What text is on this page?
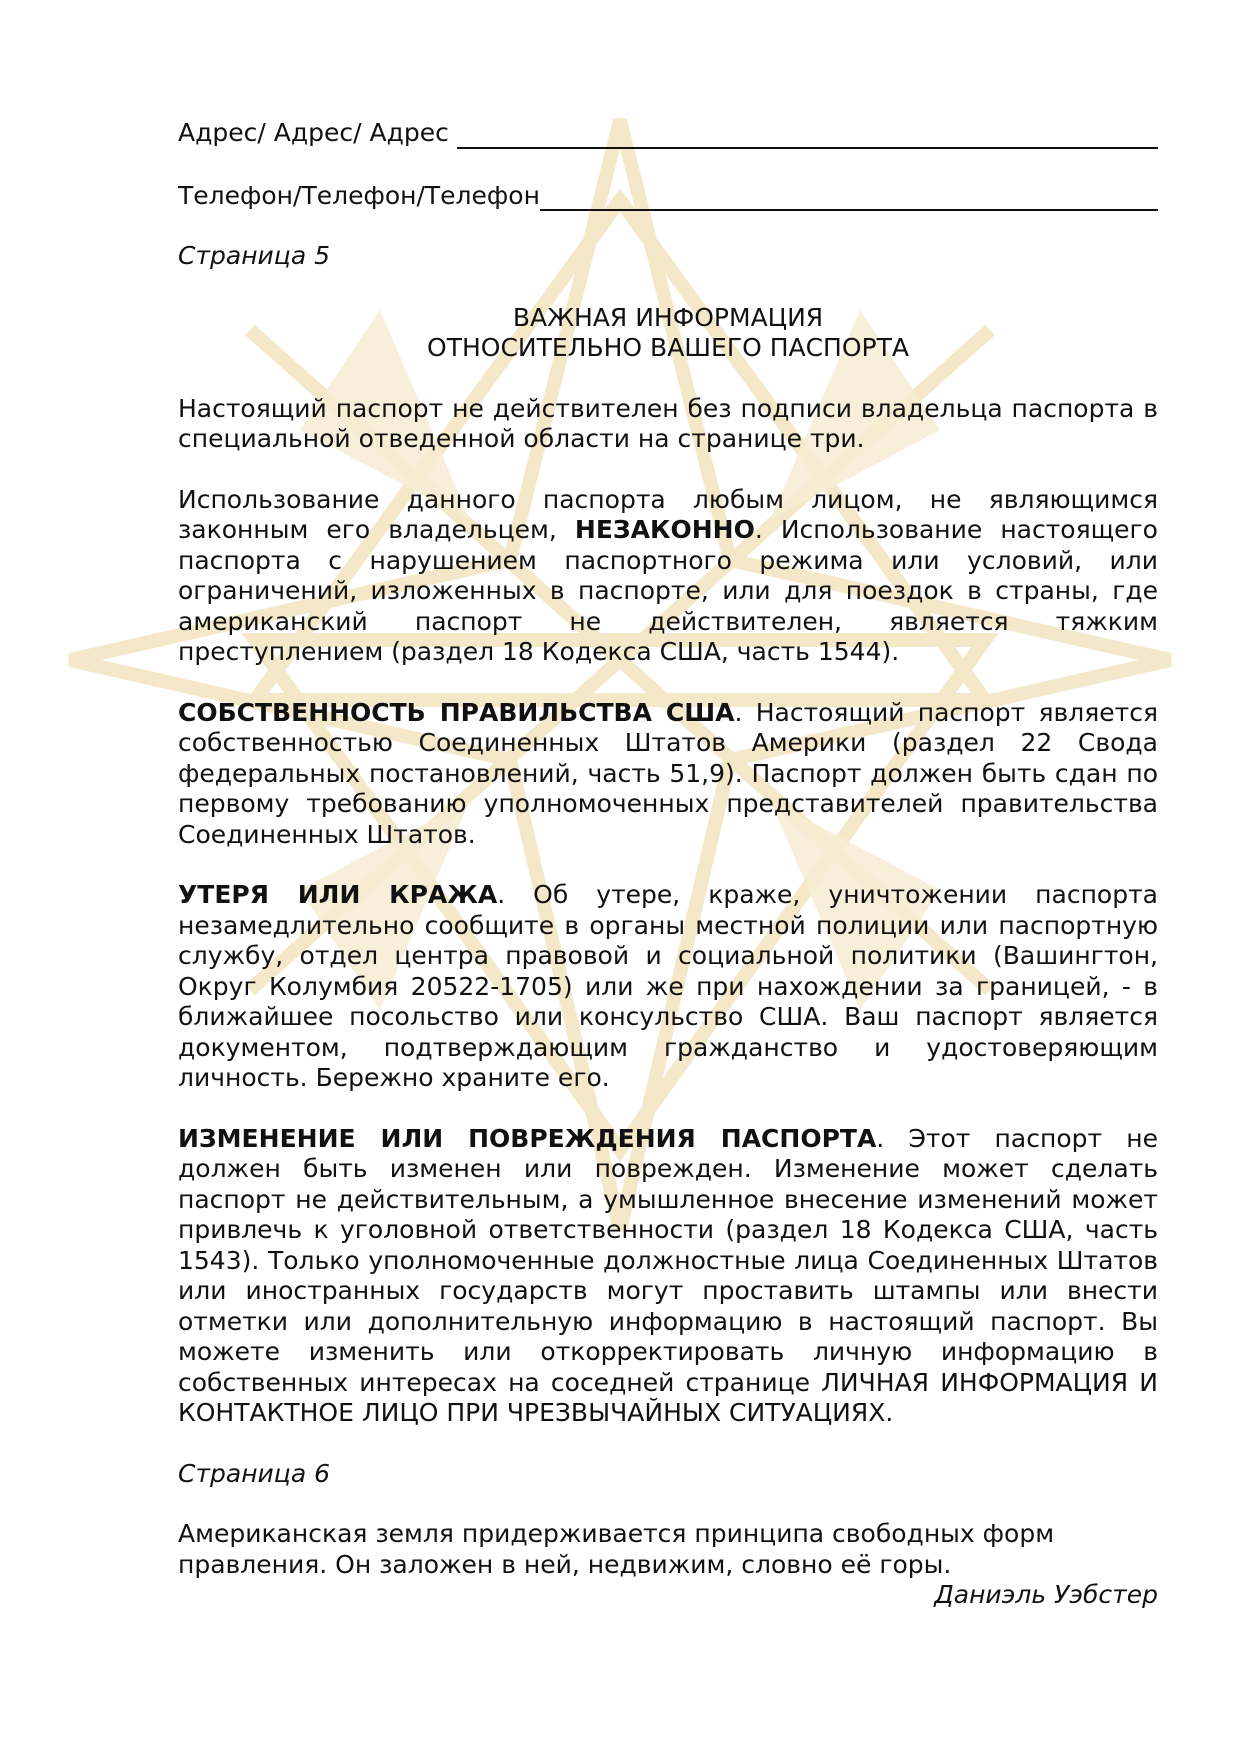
Адрес/ Адрес/ Адрес
Телефон/Телефон/Телефон
Страница 5
ВАЖНАЯ ИНФОРМАЦИЯ
ОТНОСИТЕЛЬНО ВАШЕГО ПАСПОРТА
Настоящий паспорт не действителен без подписи владельца паспорта в специальной отведенной области на странице три.
Использование данного паспорта любым лицом, не являющимся законным его владельцем, НЕЗАКОННО. Использование настоящего паспорта с нарушением паспортного режима или условий, или ограничений, изложенных в паспорте, или для поездок в страны, где американский паспорт не действителен, является тяжким преступлением (раздел 18 Кодекса США, часть 1544).
СОБСТВЕННОСТЬ ПРАВИЛЬСТВА США. Настоящий паспорт является собственностью Соединенных Штатов Америки (раздел 22 Свода федеральных постановлений, часть 51,9). Паспорт должен быть сдан по первому требованию уполномоченных представителей правительства Соединенных Штатов.
УТЕРЯ ИЛИ КРАЖА. Об утере, краже, уничтожении паспорта незамедлительно сообщите в органы местной полиции или паспортную службу, отдел центра правовой и социальной политики (Вашингтон, Округ Колумбия 20522-1705) или же при нахождении за границей, - в ближайшее посольство или консульство США. Ваш паспорт является документом, подтверждающим гражданство и удостоверяющим личность. Бережно храните его.
ИЗМЕНЕНИЕ ИЛИ ПОВРЕЖДЕНИЯ ПАСПОРТА. Этот паспорт не должен быть изменен или поврежден. Изменение может сделать паспорт не действительным, а умышленное внесение изменений может привлечь к уголовной ответственности (раздел 18 Кодекса США, часть 1543). Только уполномоченные должностные лица Соединенных Штатов или иностранных государств могут проставить штампы или внести отметки или дополнительную информацию в настоящий паспорт. Вы можете изменить или откорректировать личную информацию в собственных интересах на соседней странице ЛИЧНАЯ ИНФОРМАЦИЯ И КОНТАКТНОЕ ЛИЦО ПРИ ЧРЕЗВЫЧАЙНЫХ СИТУАЦИЯХ.
Страница 6
Американская земля придерживается принципа свободных форм правления. Он заложен в ней, недвижим, словно её горы.
Даниэль Уэбстер
